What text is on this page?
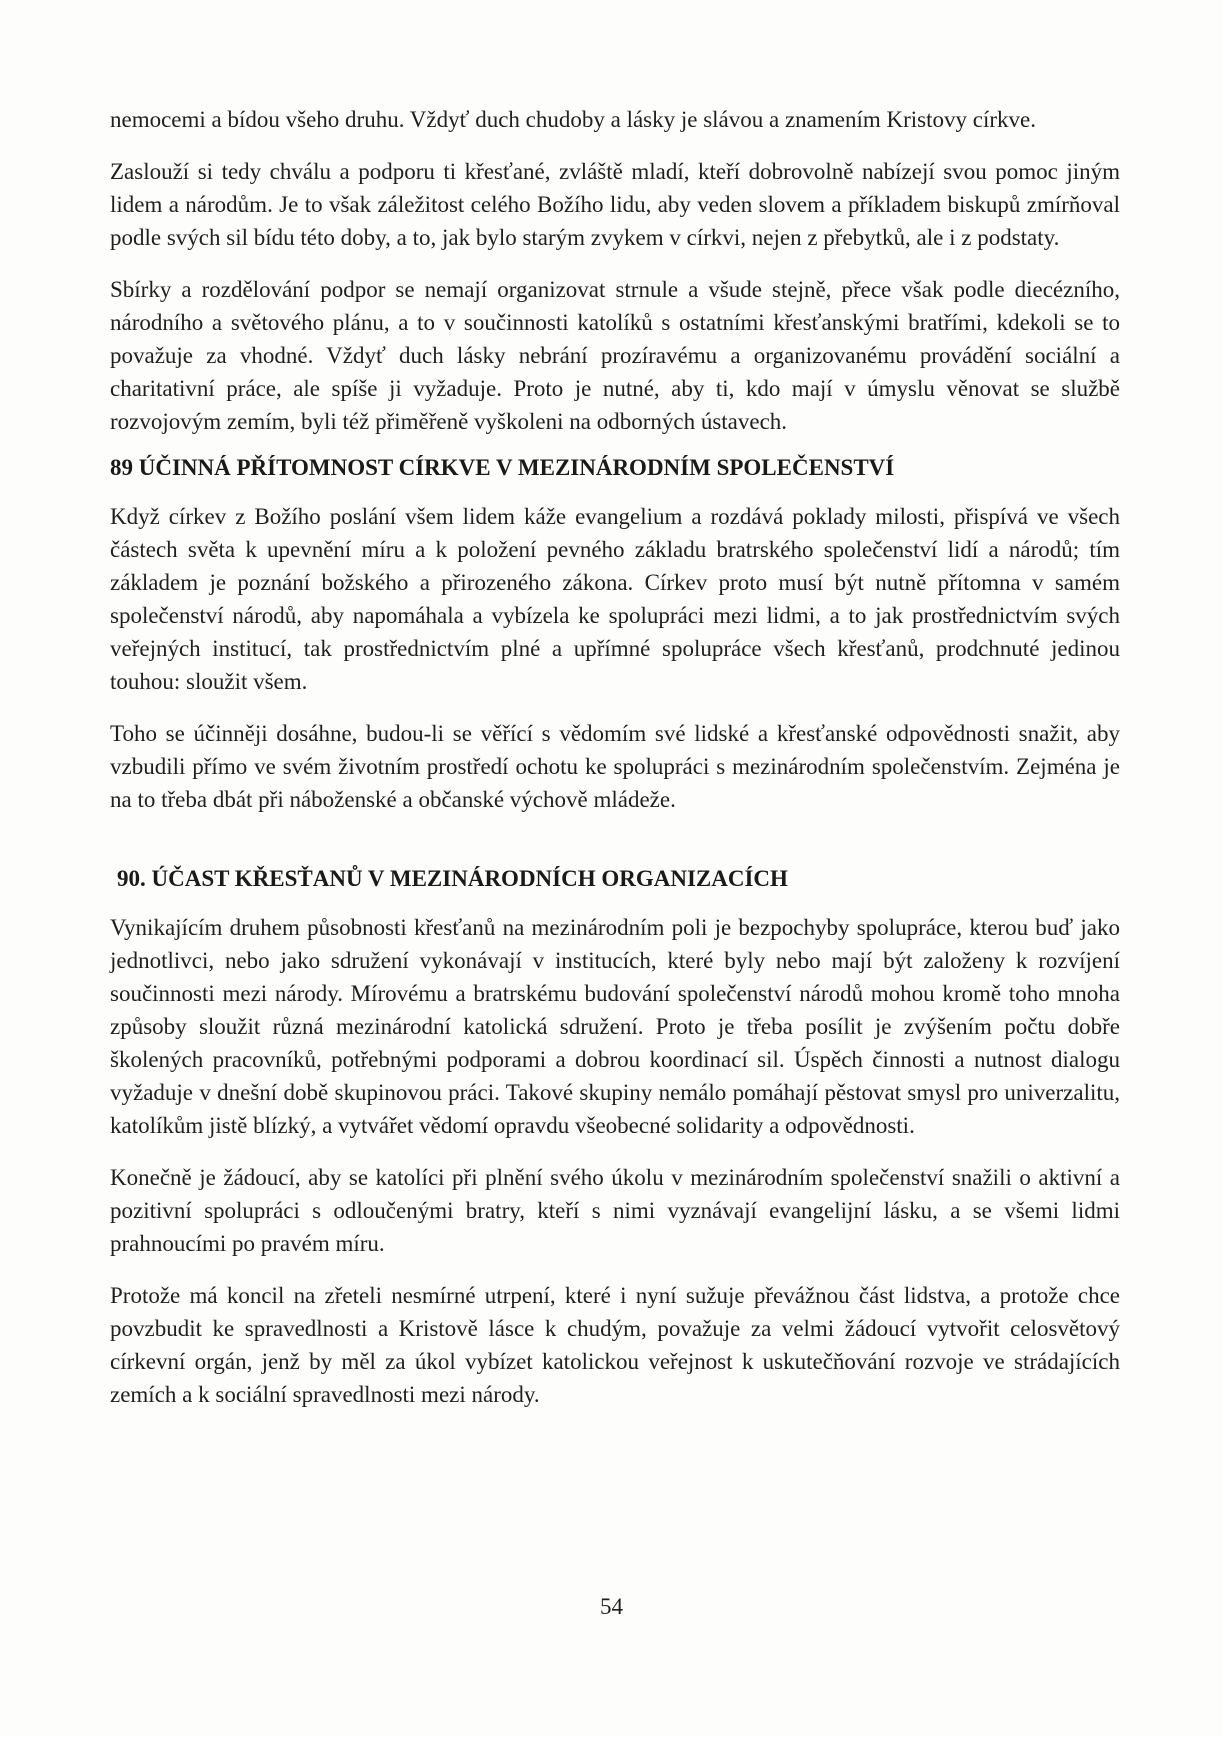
nemocemi a bídou všeho druhu. Vždyť duch chudoby a lásky je slávou a znamením Kristovy církve.

Zaslouží si tedy chválu a podporu ti křesťané, zvláště mladí, kteří dobrovolně nabízejí svou pomoc jiným lidem a národům. Je to však záležitost celého Božího lidu, aby veden slovem a příkladem biskupů zmírňoval podle svých sil bídu této doby, a to, jak bylo starým zvykem v církvi, nejen z přebytků, ale i z podstaty.

Sbírky a rozdělování podpor se nemají organizovat strnule a všude stejně, přece však podle diecézního, národního a světového plánu, a to v součinnosti katolíků s ostatními křesťanskými bratřími, kdekoli se to považuje za vhodné. Vždyť duch lásky nebrání prozíravému a organizovanému provádění sociální a charitativní práce, ale spíše ji vyžaduje. Proto je nutné, aby ti, kdo mají v úmyslu věnovat se službě rozvojovým zemím, byli též přiměřeně vyškoleni na odborných ústavech.

89 ÚČINNÁ PŘÍTOMNOST CÍRKVE V MEZINÁRODNÍM SPOLEČENSTVÍ

Když církev z Božího poslání všem lidem káže evangelium a rozdává poklady milosti, přispívá ve všech částech světa k upevnění míru a k položení pevného základu bratrského společenství lidí a národů; tím základem je poznání božského a přirozeného zákona. Církev proto musí být nutně přítomna v samém společenství národů, aby napomáhala a vybízela ke spolupráci mezi lidmi, a to jak prostřednictvím svých veřejných institucí, tak prostřednictvím plné a upřímné spolupráce všech křesťanů, prodchnuté jedinou touhou: sloužit všem.

Toho se účinněji dosáhne, budou-li se věřící s vědomím své lidské a křesťanské odpovědnosti snažit, aby vzbudili přímo ve svém životním prostředí ochotu ke spolupráci s mezinárodním společenstvím. Zejména je na to třeba dbát při náboženské a občanské výchově mládeže.

90. ÚČAST KŘESŤANŮ V MEZINÁRODNÍCH ORGANIZACÍCH

Vynikajícím druhem působnosti křesťanů na mezinárodním poli je bezpochyby spolupráce, kterou buď jako jednotlivci, nebo jako sdružení vykonávají v institucích, které byly nebo mají být založeny k rozvíjení součinnosti mezi národy. Mírovému a bratrskému budování společenství národů mohou kromě toho mnoha způsoby sloužit různá mezinárodní katolická sdružení. Proto je třeba posílit je zvýšením počtu dobře školených pracovníků, potřebnými podporami a dobrou koordinací sil. Úspěch činnosti a nutnost dialogu vyžaduje v dnešní době skupinovou práci. Takové skupiny nemálo pomáhají pěstovat smysl pro univerzalitu, katolíkům jistě blízký, a vytvářet vědomí opravdu všeobecné solidarity a odpovědnosti.

Konečně je žádoucí, aby se katolíci při plnění svého úkolu v mezinárodním společenství snažili o aktivní a pozitivní spolupráci s odloučenými bratry, kteří s nimi vyznávají evangelijní lásku, a se všemi lidmi prahnoucími po pravém míru.

Protože má koncil na zřeteli nesmírné utrpení, které i nyní sužuje převážnou část lidstva, a protože chce povzbudit ke spravedlnosti a Kristově lásce k chudým, považuje za velmi žádoucí vytvořit celosvětový církevní orgán, jenž by měl za úkol vybízet katolickou veřejnost k uskutečňování rozvoje ve strádajících zemích a k sociální spravedlnosti mezi národy.

54
